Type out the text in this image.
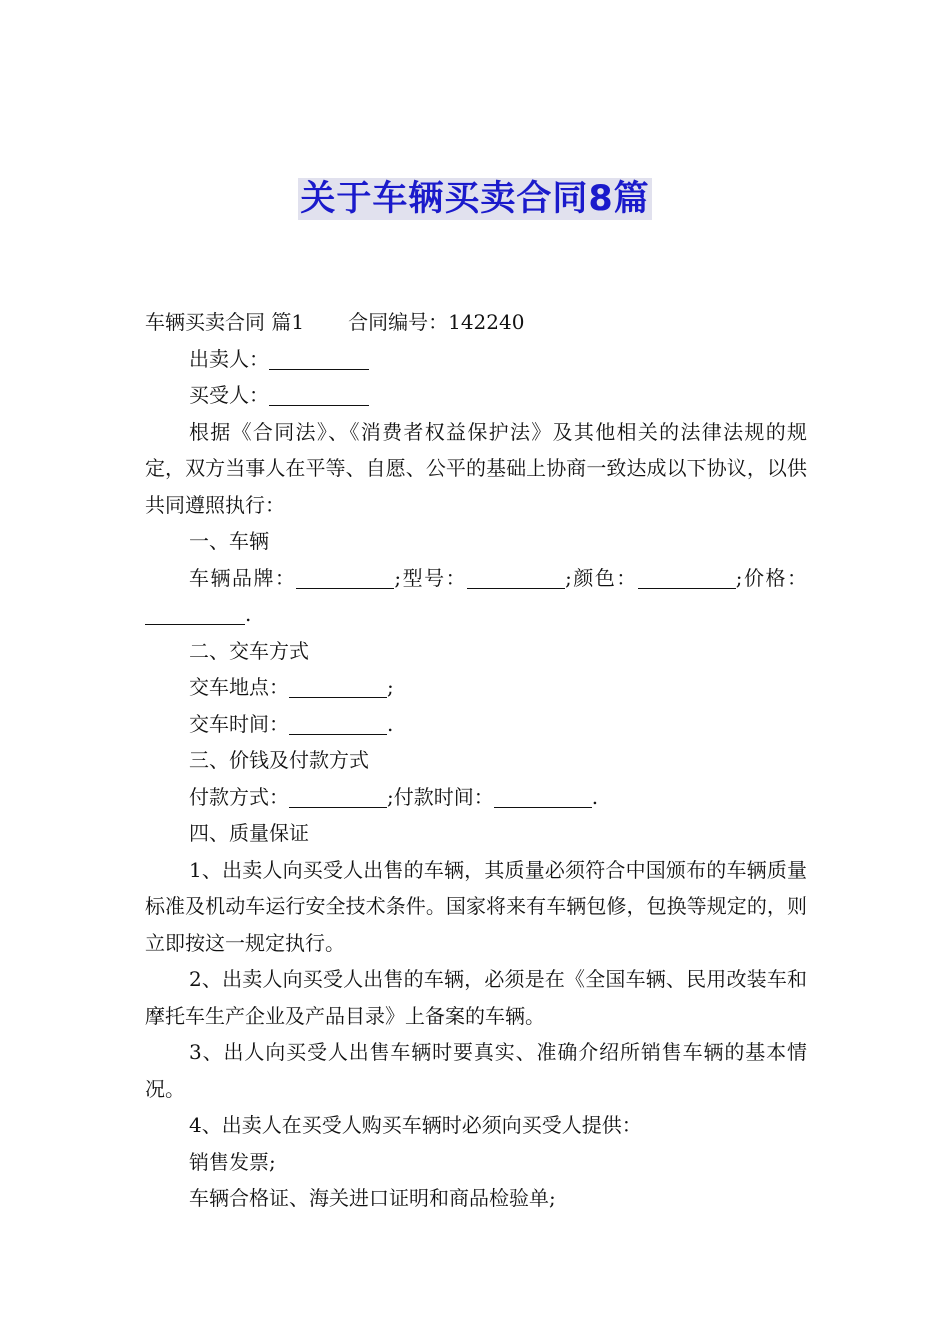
关于车辆买卖合同8篇

车辆买卖合同 篇1 合同编号：142240

出卖人：

买受人：

根据《合同法》、《消费者权益保护法》及其他相关的法律法规的规定，双方当事人在平等、自愿、公平的基础上协商一致达成以下协议，以供共同遵照执行：

一、车辆

车辆品牌：	;型号：	;颜色：	;价格：.

二、交车方式

交车地点：	;

交车时间：	.

三、价钱及付款方式

付款方式：	;付款时间：	.

四、质量保证

1、出卖人向买受人出售的车辆，其质量必须符合中国颁布的车辆质量标准及机动车运行安全技术条件。国家将来有车辆包修，包换等规定的，则立即按这一规定执行。

2、出卖人向买受人出售的车辆，必须是在《全国车辆、民用改装车和摩托车生产企业及产品目录》上备案的车辆。

3、出人向买受人出售车辆时要真实、准确介绍所销售车辆的基本情况。

4、出卖人在买受人购买车辆时必须向买受人提供：

销售发票;

车辆合格证、海关进口证明和商品检验单;
